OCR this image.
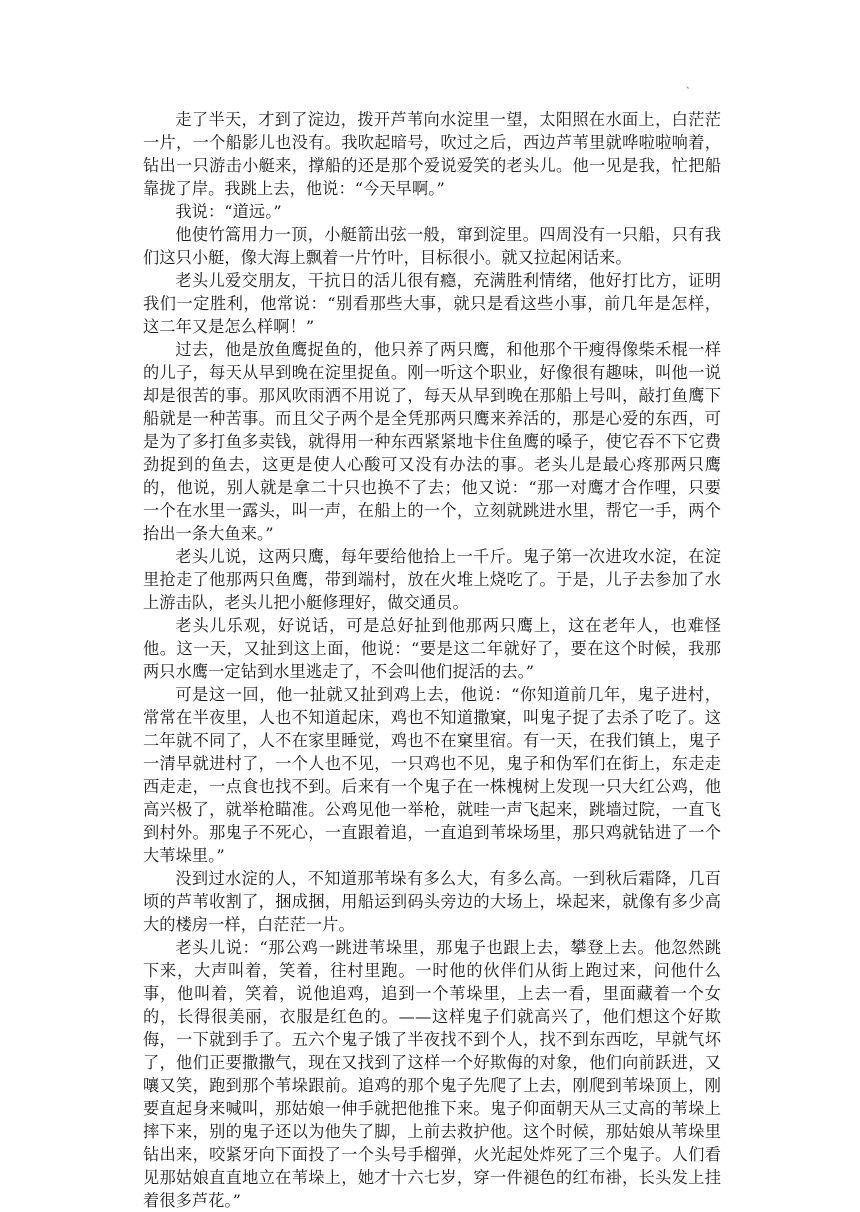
、

走了半天，才到了淀边，拨开芦苇向水淀里一望，太阳照在水面上，白茫茫一片，一个船影儿也没有。我吹起暗号，吹过之后，西边芦苇里就哗啦啦响着，钻出一只游击小艇来，撑船的还是那个爱说爱笑的老头儿。他一见是我，忙把船靠拢了岸。我跳上去，他说：“今天早啊。”

我说：“道远。”

他使竹篙用力一顶，小艇箭出弦一般，窜到淀里。四周没有一只船，只有我们这只小艇，像大海上飘着一片竹叶，目标很小。就又拉起闲话来。

老头儿爱交朋友，干抗日的活儿很有瘾，充满胜利情绪，他好打比方，证明我们一定胜利，他常说：“别看那些大事，就只是看这些小事，前几年是怎样，这二年又是怎么样啊！”

过去，他是放鱼鹰捉鱼的，他只养了两只鹰，和他那个干瘦得像柴禾棍一样的儿子，每天从早到晚在淀里捉鱼。刚一听这个职业，好像很有趣味，叫他一说却是很苦的事。那风吹雨洒不用说了，每天从早到晚在那船上号叫，敲打鱼鹰下船就是一种苦事。而且父子两个是全凭那两只鹰来养活的，那是心爱的东西，可是为了多打鱼多卖钱，就得用一种东西紧紧地卡住鱼鹰的嗓子，使它吞不下它费劲捉到的鱼去，这更是使人心酸可又没有办法的事。老头儿是最心疼那两只鹰的，他说，别人就是拿二十只也换不了去；他又说：“那一对鹰才合作哩，只要一个在水里一露头，叫一声，在船上的一个，立刻就跳进水里，帮它一手，两个抬出一条大鱼来。”

老头儿说，这两只鹰，每年要给他拾上一千斤。鬼子第一次进攻水淀，在淀里抢走了他那两只鱼鹰，带到端村，放在火堆上烧吃了。于是，儿子去参加了水上游击队，老头儿把小艇修理好，做交通员。

老头儿乐观，好说话，可是总好扯到他那两只鹰上，这在老年人，也难怪他。这一天，又扯到这上面，他说：“要是这二年就好了，要在这个时候，我那两只水鹰一定钻到水里逃走了，不会叫他们捉活的去。”

可是这一回，他一扯就又扯到鸡上去，他说：“你知道前几年，鬼子进村，常常在半夜里，人也不知道起床，鸡也不知道撒窠，叫鬼子捉了去杀了吃了。这二年就不同了，人不在家里睡觉，鸡也不在窠里宿。有一天，在我们镇上，鬼子一清早就进村了，一个人也不见，一只鸡也不见，鬼子和伪军们在街上，东走走西走走，一点食也找不到。后来有一个鬼子在一株槐树上发现一只大红公鸡，他高兴极了，就举枪瞄准。公鸡见他一举枪，就哇一声飞起来，跳墙过院，一直飞到村外。那鬼子不死心，一直跟着追，一直追到苇垛场里，那只鸡就钻进了一个大苇垛里。”

没到过水淀的人，不知道那苇垛有多么大，有多么高。一到秋后霜降，几百顷的芦苇收割了，捆成捆，用船运到码头旁边的大场上，垛起来，就像有多少高大的楼房一样，白茫茫一片。

老头儿说：“那公鸡一跳进苇垛里，那鬼子也跟上去，攀登上去。他忽然跳下来，大声叫着，笑着，往村里跑。一时他的伙伴们从街上跑过来，问他什么事，他叫着，笑着，说他追鸡，追到一个苇垛里，上去一看，里面藏着一个女的，长得很美丽，衣服是红色的。——这样鬼子们就高兴了，他们想这个好欺侮，一下就到手了。五六个鬼子饿了半夜找不到个人，找不到东西吃，早就气坏了，他们正要撒撒气，现在又找到了这样一个好欺侮的对象，他们向前跃进，又嚷又笑，跑到那个苇垛跟前。追鸡的那个鬼子先爬了上去，刚爬到苇垛顶上，刚要直起身来喊叫，那姑娘一伸手就把他推下来。鬼子仰面朝天从三丈高的苇垛上摔下来，别的鬼子还以为他失了脚，上前去救护他。这个时候，那姑娘从苇垛里钻出来，咬紧牙向下面投了一个头号手榴弹，火光起处炸死了三个鬼子。人们看见那姑娘直直地立在苇垛上，她才十六七岁，穿一件褪色的红布褂，长头发上挂着很多芦花。”
